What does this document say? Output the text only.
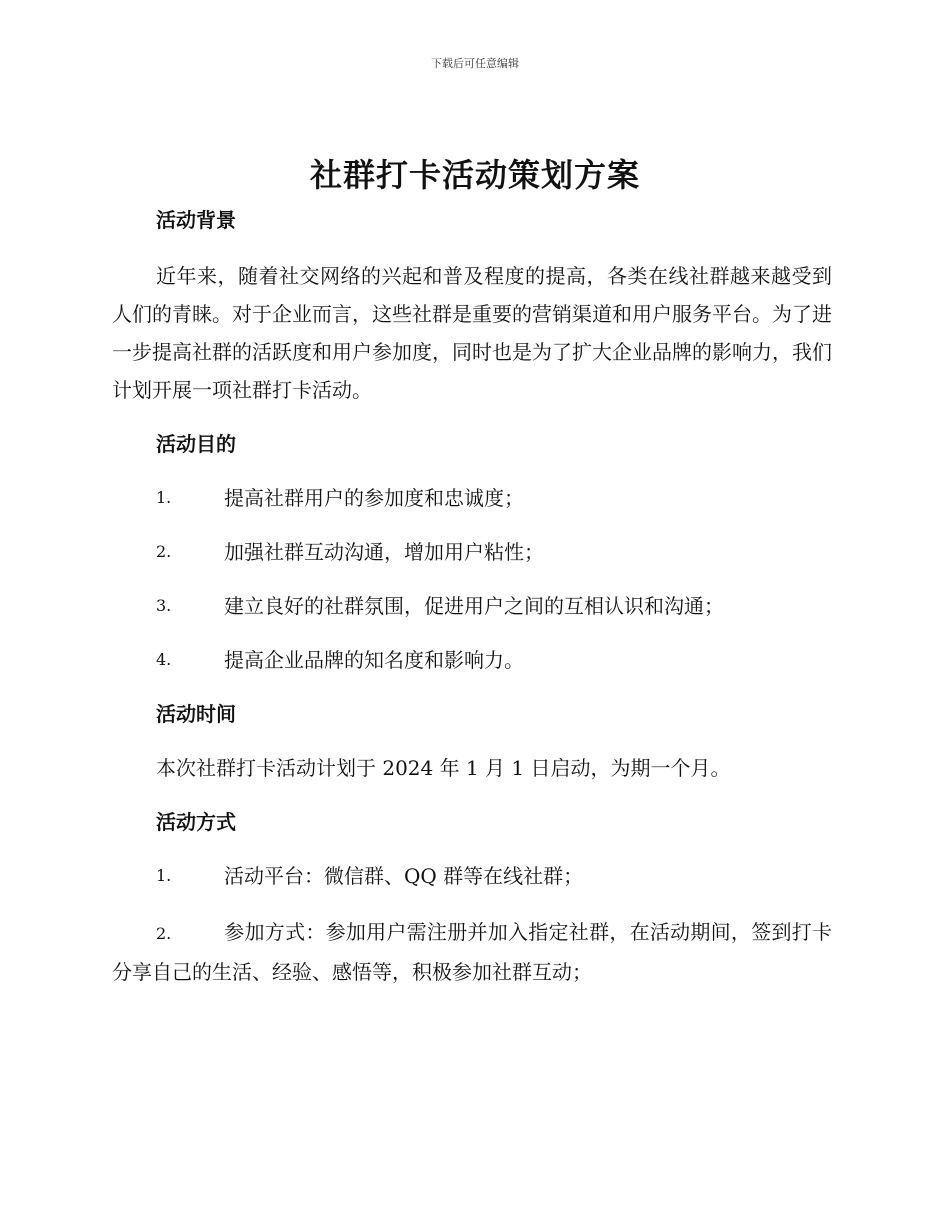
下载后可任意编辑
社群打卡活动策划方案
活动背景
近年来，随着社交网络的兴起和普及程度的提高，各类在线社群越来越受到人们的青睐。对于企业而言，这些社群是重要的营销渠道和用户服务平台。为了进一步提高社群的活跃度和用户参加度，同时也是为了扩大企业品牌的影响力，我们计划开展一项社群打卡活动。
活动目的
1.	提高社群用户的参加度和忠诚度；
2.	加强社群互动沟通，增加用户粘性；
3.	建立良好的社群氛围，促进用户之间的互相认识和沟通；
4.	提高企业品牌的知名度和影响力。
活动时间
本次社群打卡活动计划于 2024 年 1 月 1 日启动，为期一个月。
活动方式
1.	活动平台：微信群、QQ 群等在线社群；
2.	参加方式：参加用户需注册并加入指定社群，在活动期间，签到打卡分享自己的生活、经验、感悟等，积极参加社群互动；
